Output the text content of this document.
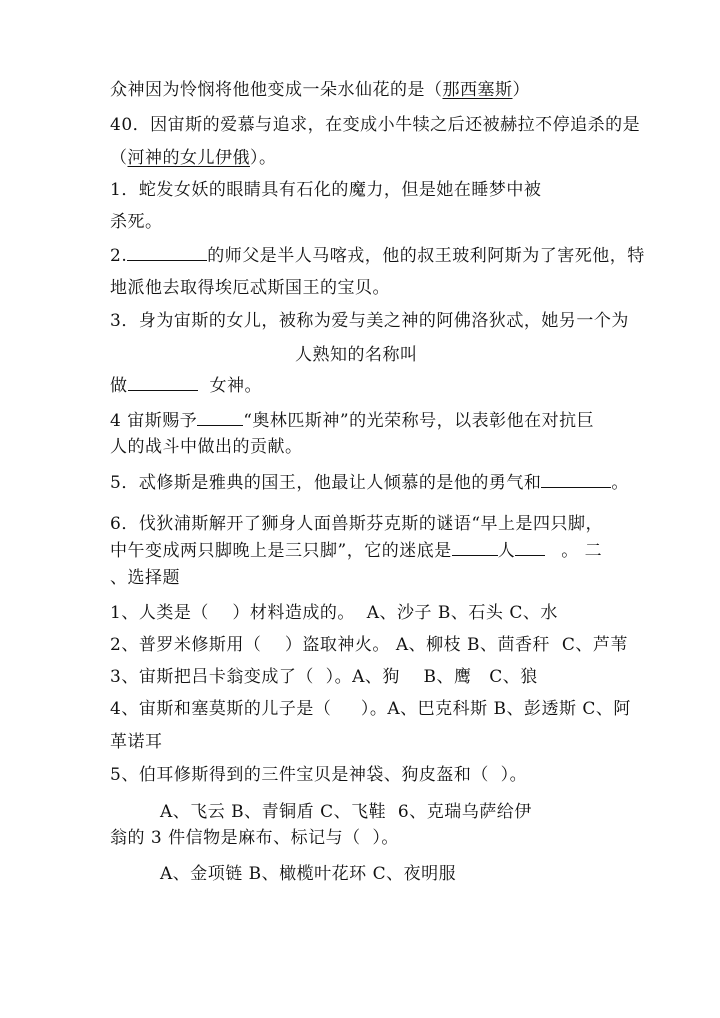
众神因为怜悯将他他变成一朵水仙花的是（那西塞斯）
40．因宙斯的爱慕与追求，在变成小牛犊之后还被赫拉不停追杀的是
（河神的女儿伊俄）。
1．蛇发女妖的眼睛具有石化的魔力，但是她在睡梦中被
杀死。
2.	的师父是半人马喀戎，他的叔王玻利阿斯为了害死他，特
地派他去取得埃厄忒斯国王的宝贝。
3．身为宙斯的女儿，被称为爱与美之神的阿佛洛狄忒，她另一个为
人熟知的名称叫
做	女神。
4 宙斯赐予	“奥林匹斯神”的光荣称号，以表彰他在对抗巨
人的战斗中做出的贡献。
5．忒修斯是雅典的国王，他最让人倾慕的是他的勇气和	。
6．伐狄浦斯解开了狮身人面兽斯芬克斯的谜语“早上是四只脚，
中午变成两只脚晚上是三只脚”，它的迷底是	人	。 二
、选择题
1、人类是（    ）材料造成的。  A、沙子 B、石头 C、水
2、普罗米修斯用（    ）盗取神火。 A、柳枝 B、茴香秆  C、芦苇
3、宙斯把吕卡翁变成了（  ）。A、狗    B、鹰   C、狼
4、宙斯和塞莫斯的儿子是（     ）。A、巴克科斯 B、彭透斯 C、阿
革诺耳
5、伯耳修斯得到的三件宝贝是神袋、狗皮盔和（  ）。
A、飞云 B、青铜盾 C、飞鞋  6、克瑞乌萨给伊
翁的 3 件信物是麻布、标记与（  ）。
A、金项链 B、橄榄叶花环 C、夜明服
